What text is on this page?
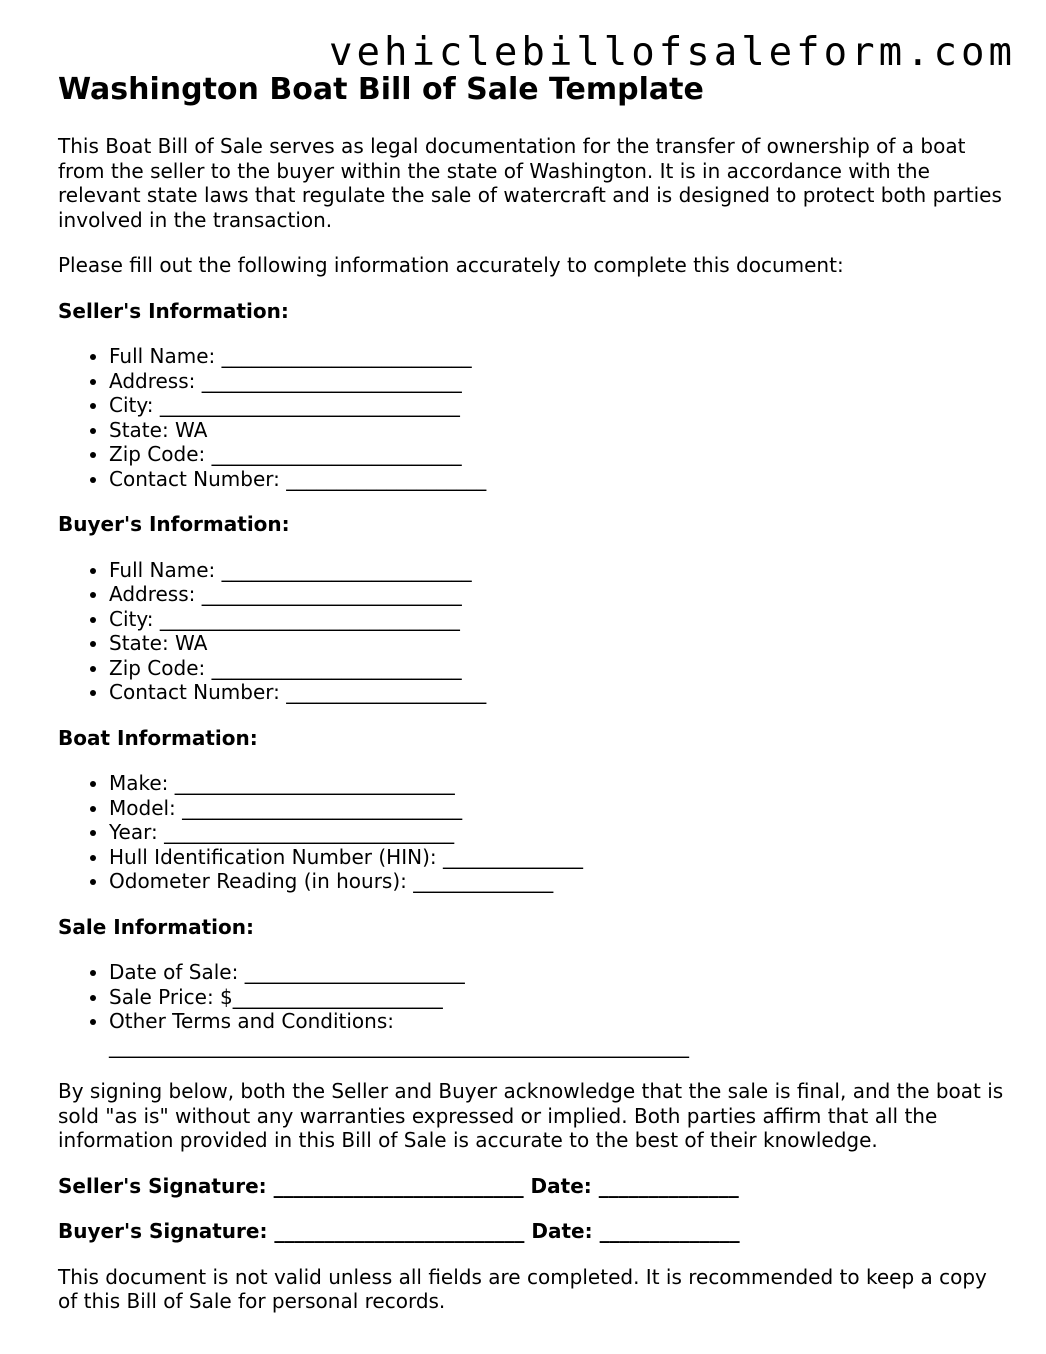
vehiclebillofsaleform.com
Washington Boat Bill of Sale Template

This Boat Bill of Sale serves as legal documentation for the transfer of ownership of a boat from the seller to the buyer within the state of Washington. It is in accordance with the relevant state laws that regulate the sale of watercraft and is designed to protect both parties involved in the transaction.

Please fill out the following information accurately to complete this document:

Seller's Information:
• Full Name: _________________________
• Address: __________________________
• City: ______________________________
• State: WA
• Zip Code: _________________________
• Contact Number: ____________________
Buyer's Information:
• Full Name: _________________________
• Address: __________________________
• City: ______________________________
• State: WA
• Zip Code: _________________________
• Contact Number: ____________________
Boat Information:
• Make: ____________________________
• Model: ____________________________
• Year: _____________________________
• Hull Identification Number (HIN): ______________
• Odometer Reading (in hours): ______________
Sale Information:
• Date of Sale: ______________________
• Sale Price: $_____________________
• Other Terms and Conditions: __________________________________________________________

By signing below, both the Seller and Buyer acknowledge that the sale is final, and the boat is sold "as is" without any warranties expressed or implied. Both parties affirm that all the information provided in this Bill of Sale is accurate to the best of their knowledge.

Seller's Signature: _________________________ Date: ______________
Buyer's Signature: _________________________ Date: ______________

This document is not valid unless all fields are completed. It is recommended to keep a copy of this Bill of Sale for personal records.
